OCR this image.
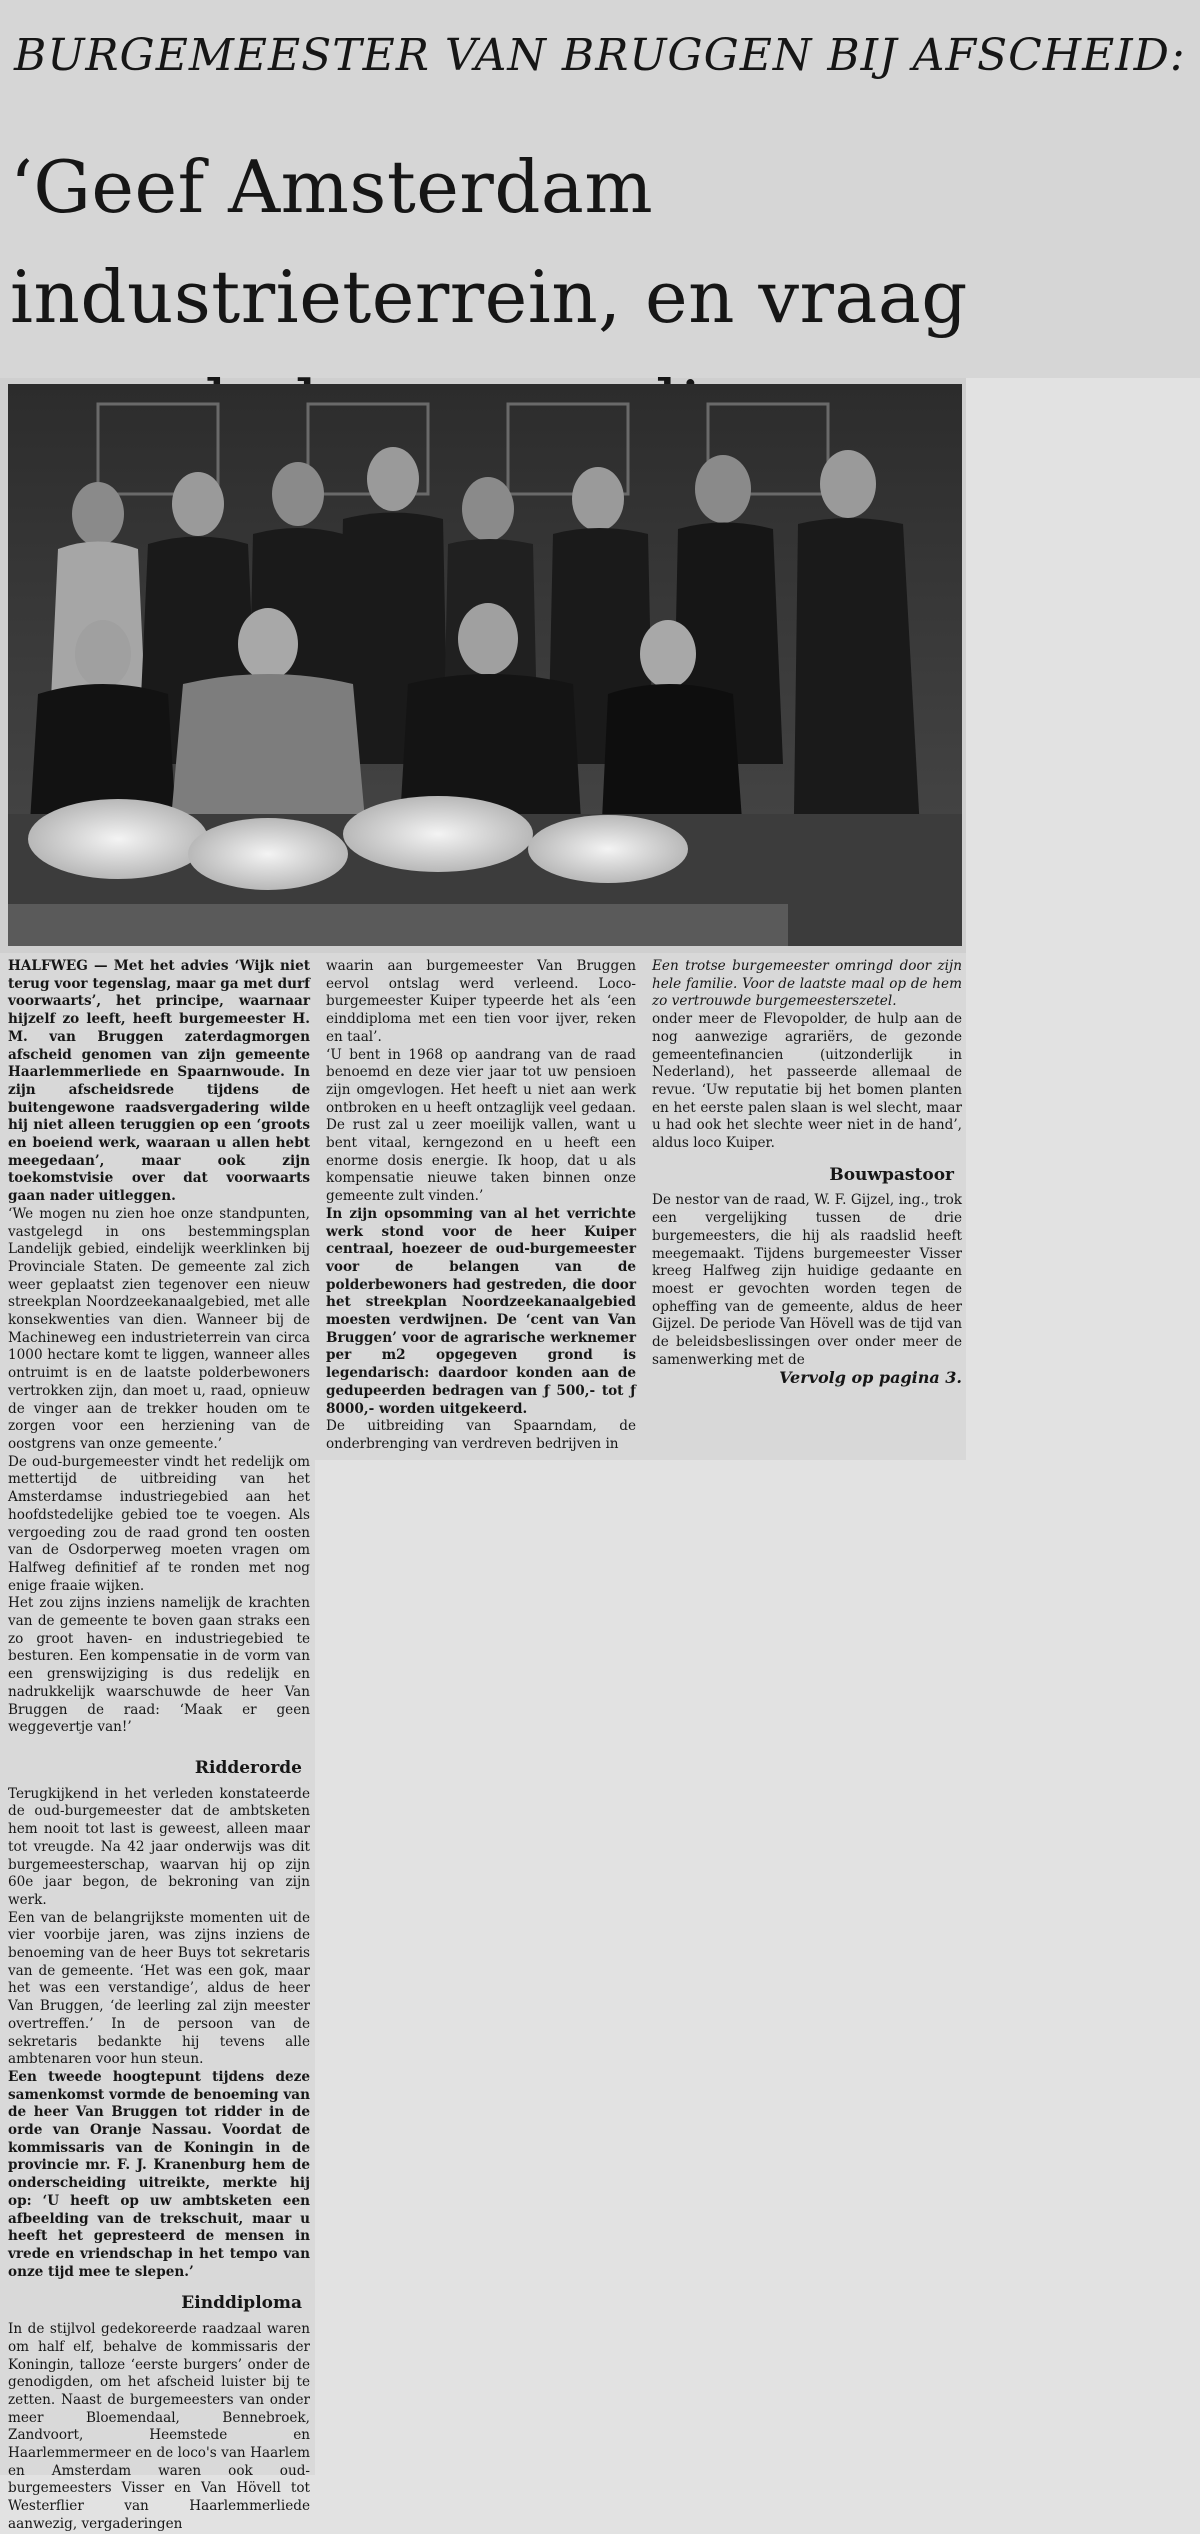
BURGEMEESTER VAN BRUGGEN BIJ AFSCHEID:
‘Geef Amsterdam industrieterrein, en vraag

HALFWEG — Met het advies ‘Wijk niet terug voor tegenslag, maar ga met durf voorwaarts’, het principe, waarnaar hijzelf zo leeft, heeft burgemeester H. M. van Bruggen zaterdagmorgen afscheid genomen van zijn gemeente Haarlemmerliede en Spaarnwoude. In zijn afscheidsrede tijdens de buitengewone raadsvergadering wilde hij niet alleen teruggien op een ‘groots en boeiend werk, waaraan u allen hebt meegedaan’, maar ook zijn toekomstvisie over dat voorwaarts gaan nader uitleggen.

‘We mogen nu zien hoe onze standpunten, vastgelegd in ons bestemmingsplan Landelijk gebied, eindelijk weerklinken bij Provinciale Staten. De gemeente zal zich weer geplaatst zien tegenover een nieuw streekplan Noordzeekanaalgebied, met alle konsekwenties van dien. Wanneer bij de Machineweg een industrieterrein van circa 1000 hectare komt te liggen, wanneer alles ontruimt is en de laatste polderbewoners vertrokken zijn, dan moet u, raad, opnieuw de vinger aan de trekker houden om te zorgen voor een herziening van de oostgrens van onze gemeente.’

De oud-burgemeester vindt het redelijk om mettertijd de uitbreiding van het Amsterdamse industriegebied aan het hoofdstedelijke gebied toe te voegen. Als vergoeding zou de raad grond ten oosten van de Osdorperweg moeten vragen om Halfweg definitief af te ronden met nog enige fraaie wijken.

Het zou zijns inziens namelijk de krachten van de gemeente te boven gaan straks een zo groot haven- en industriegebied te besturen. Een kompensatie in de vorm van een grenswijziging is dus redelijk en nadrukkelijk waarschuwde de heer Van Bruggen de raad: ‘Maak er geen weggevertje van!’

Ridderorde

Terugkijkend in het verleden konstateerde de oud-burgemeester dat de ambtsketen hem nooit tot last is geweest, alleen maar tot vreugde. Na 42 jaar onderwijs was dit burgemeesterschap, waarvan hij op zijn 60e jaar begon, de bekroning van zijn werk.

Een van de belangrijkste momenten uit de vier voorbije jaren, was zijns inziens de benoeming van de heer Buys tot sekretaris van de gemeente. ‘Het was een gok, maar het was een verstandige’, aldus de heer Van Bruggen, ‘de leerling zal zijn meester overtreffen.’ In de persoon van de sekretaris bedankte hij tevens alle ambtenaren voor hun steun.

Een tweede hoogtepunt tijdens deze samenkomst vormde de benoeming van de heer Van Bruggen tot ridder in de orde van Oranje Nassau. Voordat de kommissaris van de Koningin in de provincie mr. F. J. Kranenburg hem de onderscheiding uitreikte, merkte hij op: ‘U heeft op uw ambtsketen een afbeelding van de trekschuit, maar u heeft het gepresteerd de mensen in vrede en vriendschap in het tempo van onze tijd mee te slepen.’

Einddiploma

In de stijlvol gedekoreerde raadzaal waren om half elf, behalve de kommissaris der Koningin, talloze ‘eerste burgers’ onder de genodigden, om het afscheid luister bij te zetten. Naast de burgemeesters van onder meer Bloemendaal, Bennebroek, Zandvoort, Heemstede en Haarlemmermeer en de loco's van Haarlem en Amsterdam waren ook oud-burgemeesters Visser en Van Hövell tot Westerflier van Haarlemmerliede aanwezig, vergaderingen

waarin aan burgemeester Van Bruggen eervol ontslag werd verleend. Loco-burgemeester Kuiper typeerde het als ‘een einddiploma met een tien voor ijver, reken en taal’.

‘U bent in 1968 op aandrang van de raad benoemd en deze vier jaar tot uw pensioen zijn omgevlogen. Het heeft u niet aan werk ontbroken en u heeft ontzaglijk veel gedaan. De rust zal u zeer moeilijk vallen, want u bent vitaal, kerngezond en u heeft een enorme dosis energie. Ik hoop, dat u als kompensatie nieuwe taken binnen onze gemeente zult vinden.’

In zijn opsomming van al het verrichte werk stond voor de heer Kuiper centraal, hoezeer de oud-burgemeester voor de belangen van de polderbewoners had gestreden, die door het streekplan Noordzeekanaalgebied moesten verdwijnen. De ‘cent van Van Bruggen’ voor de agrarische werknemer per m2 opgegeven grond is legendarisch: daardoor konden aan de gedupeerden bedragen van ƒ 500,- tot ƒ 8000,- worden uitgekeerd.

De uitbreiding van Spaarndam, de onderbrenging van verdreven bedrijven in

Een trotse burgemeester omringd door zijn hele familie. Voor de laatste maal op de hem zo vertrouwde burgemeesterszetel.

onder meer de Flevopolder, de hulp aan de nog aanwezige agrariërs, de gezonde gemeentefinancien (uitzonderlijk in Nederland), het passeerde allemaal de revue. ‘Uw reputatie bij het bomen planten en het eerste palen slaan is wel slecht, maar u had ook het slechte weer niet in de hand’, aldus loco Kuiper.

Bouwpastoor

De nestor van de raad, W. F. Gijzel, ing., trok een vergelijking tussen de drie burgemeesters, die hij als raadslid heeft meegemaakt. Tijdens burgemeester Visser kreeg Halfweg zijn huidige gedaante en moest er gevochten worden tegen de opheffing van de gemeente, aldus de heer Gijzel. De periode Van Hövell was de tijd van de beleidsbeslissingen over onder meer de samenwerking met de

Vervolg op pagina 3.
